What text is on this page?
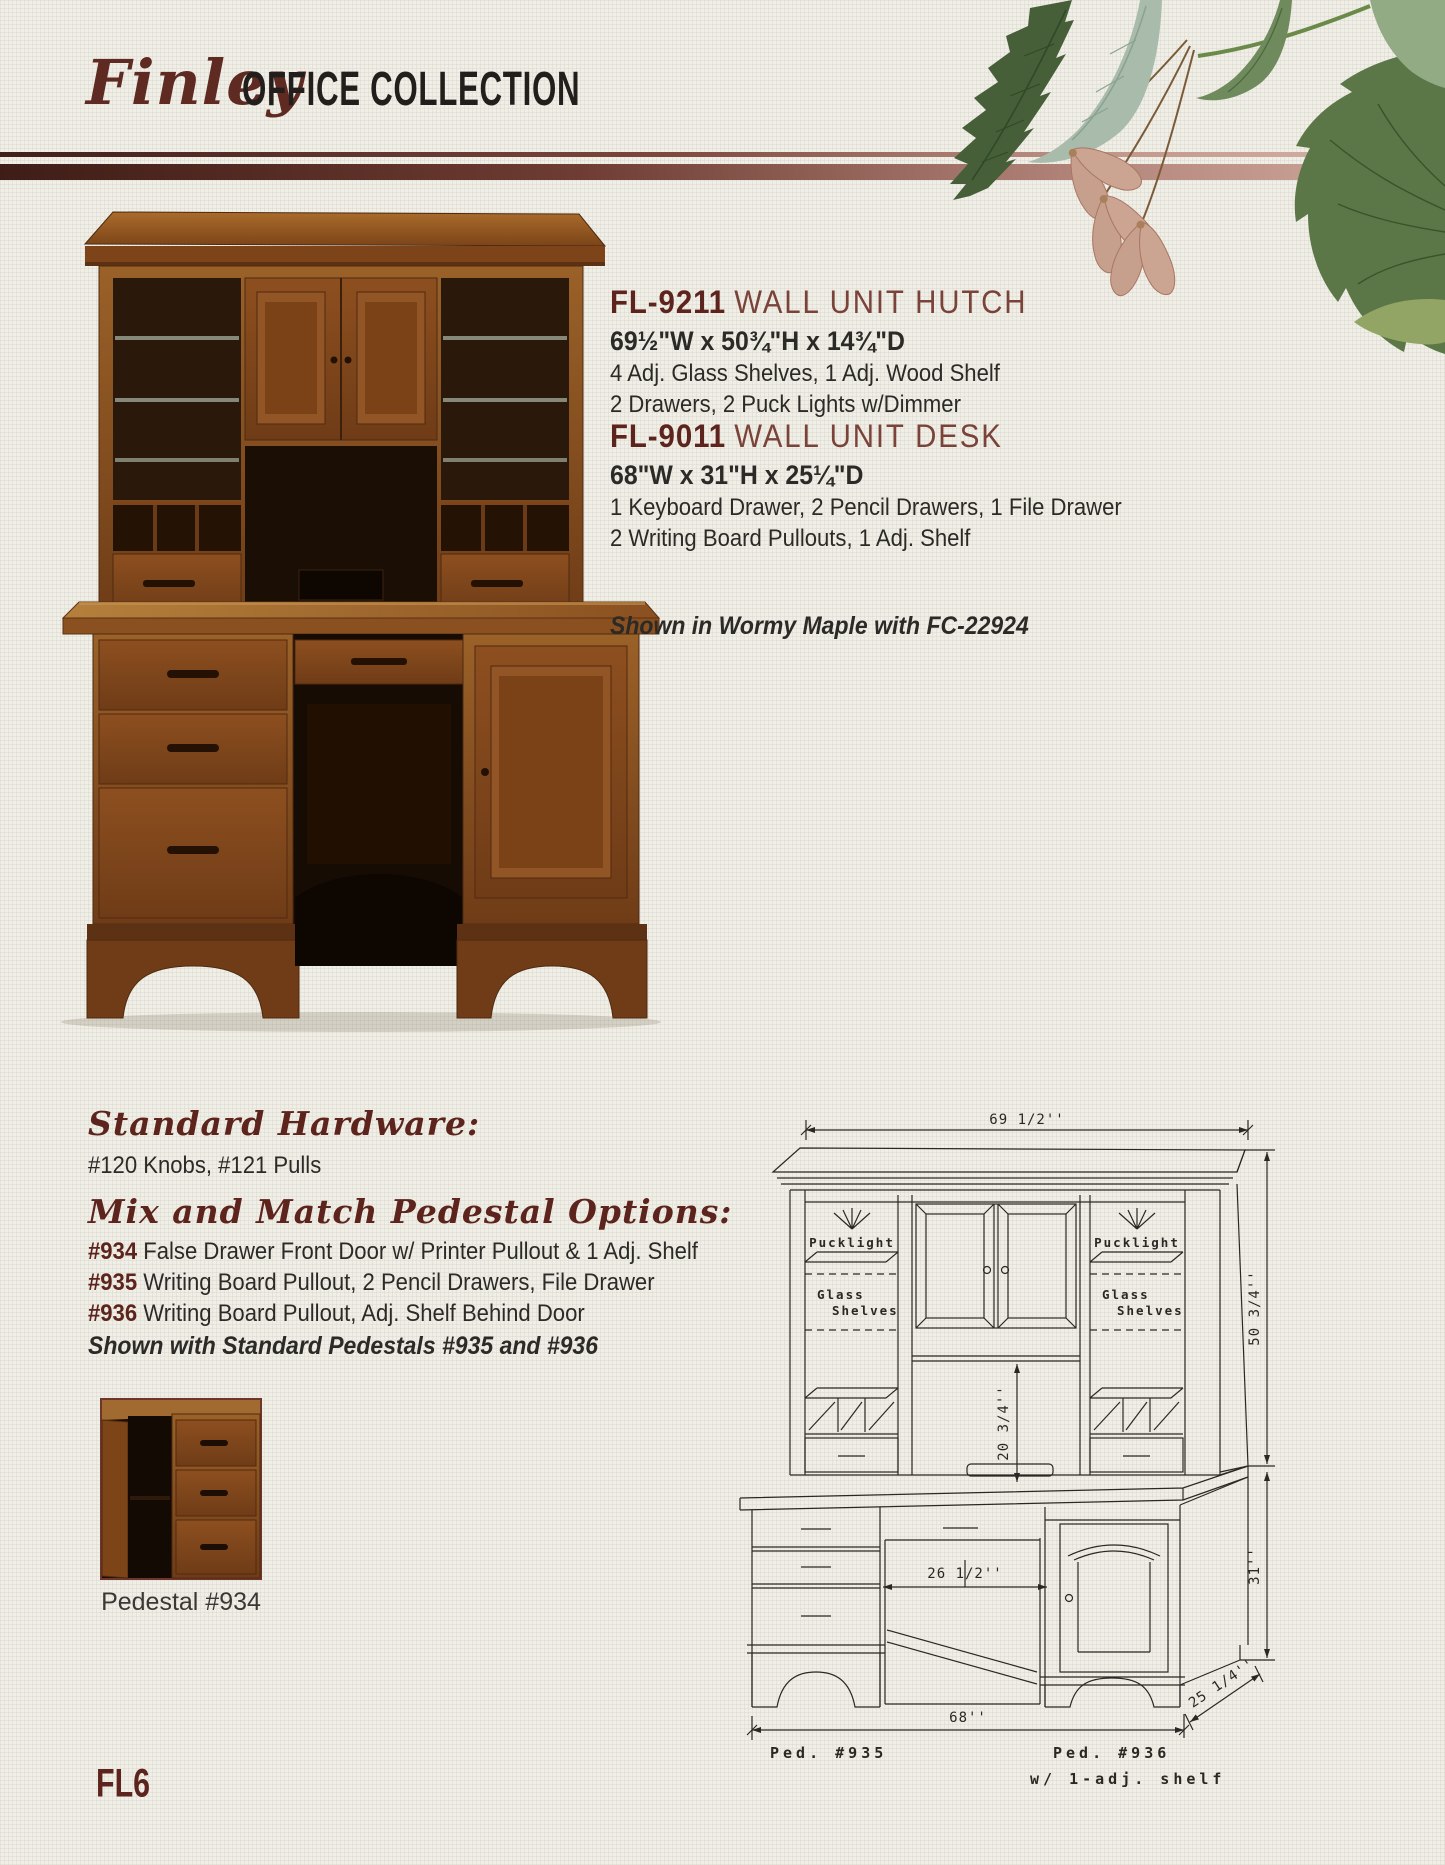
Finley
OFFICE COLLECTION
FL-9211 WALL UNIT HUTCH
69½"W x 50¾"H x 14¾"D
4 Adj. Glass Shelves, 1 Adj. Wood Shelf
2 Drawers, 2 Puck Lights w/Dimmer
FL-9011 WALL UNIT DESK
68"W x 31"H x 25¼"D
1 Keyboard Drawer, 2 Pencil Drawers, 1 File Drawer
2 Writing Board Pullouts, 1 Adj. Shelf
Shown in Wormy Maple with FC-22924
Standard Hardware:
#120 Knobs, #121 Pulls
Mix and Match Pedestal Options:
#934 False Drawer Front Door w/ Printer Pullout & 1 Adj. Shelf
#935 Writing Board Pullout, 2 Pencil Drawers, File Drawer
#936 Writing Board Pullout, Adj. Shelf Behind Door
Shown with Standard Pedestals #935 and #936
Pedestal #934
69 1/2''
Pucklight
Glass
Shelves
20 3/4''
Pucklight
Glass
Shelves	50 3/4''
26 1/2''	31''
68''
25 1/4''
Ped. #935	Ped. #936
w/ 1-adj. shelf
FL6
